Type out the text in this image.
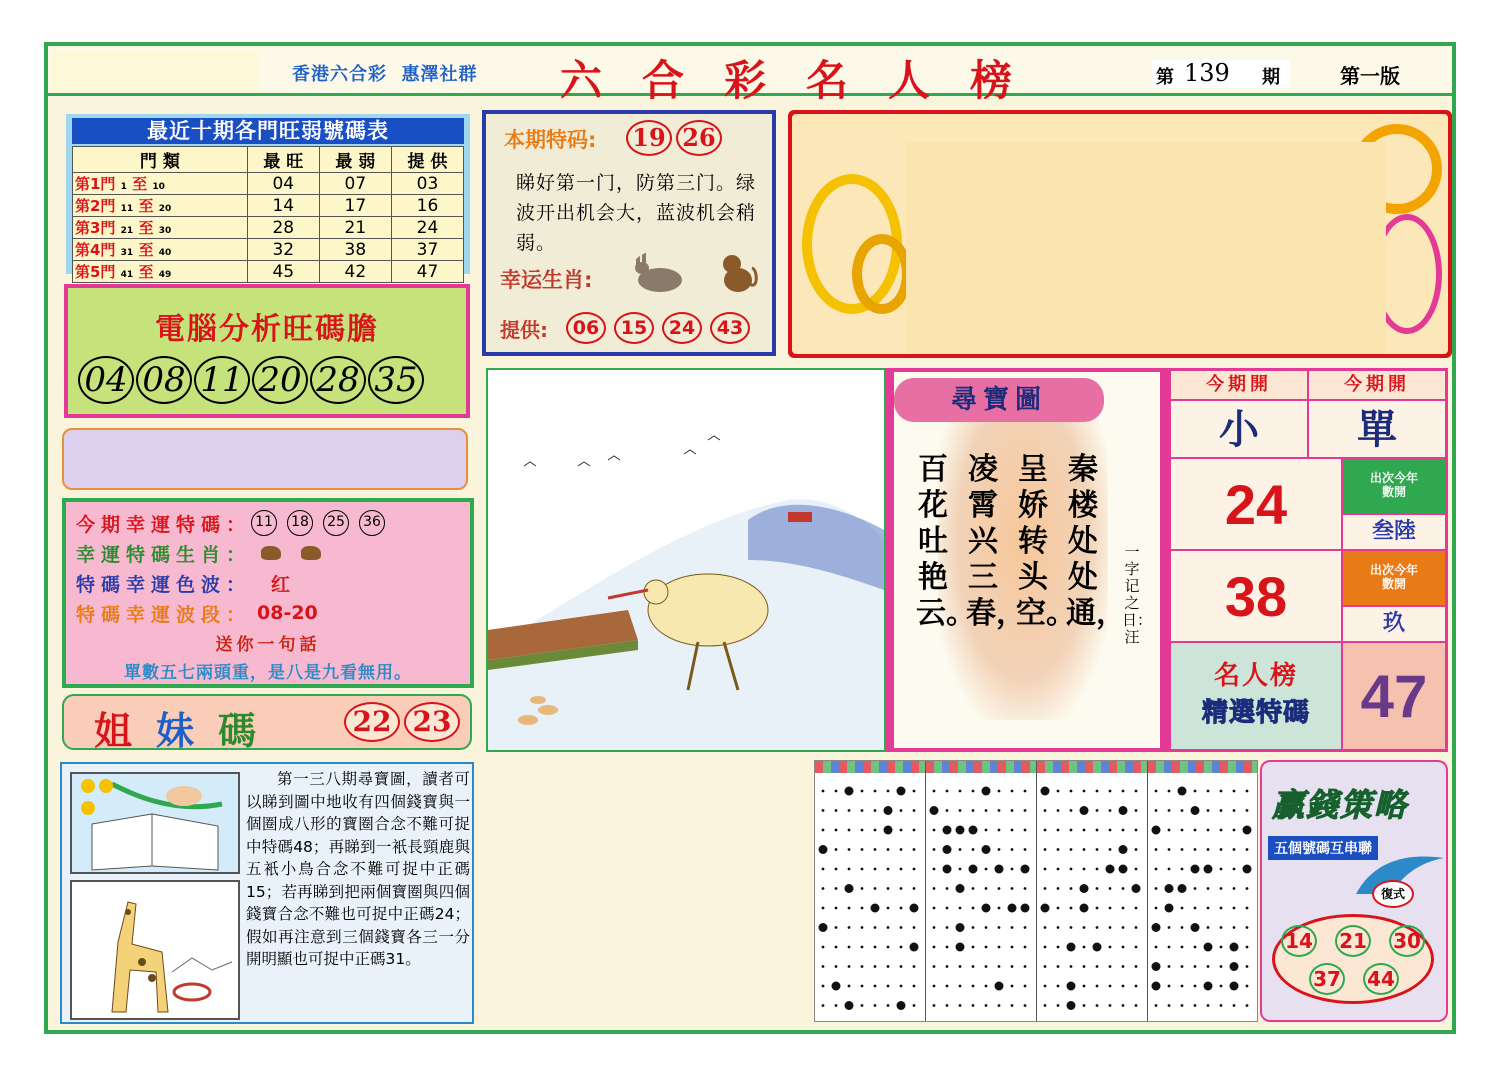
香港六合彩 惠澤社群 六合彩名人榜	第 139 期	第一版
最近十期各門旺弱號碼表
門 類	最 旺	最 弱	提 供
第1門 1 至 10	04	07	03
第2門 11 至 20	14	17	16
第3門 21 至 30	28	21	24
第4門 31 至 40	32	38	37
第5門 41 至 49	45	42	47
電腦分析旺碼膽
04 08 11 20 28 35
今期幸運特碼： 11 18 25 36
幸運特碼生肖：
特碼幸運色波： 红
特碼幸運波段： 08-20
送你一句話
單數五七兩頭重，是八是九看無用。
姐妹碼	22 23
第一三八期尋寶圖，讀者可以睇到圖中地收有四個錢寶與一個圈成八形的寶圈合念不難可捉中特碼48；再睇到一衹長頸鹿與五衹小鳥合念不難可捉中正碼15；若再睇到把兩個寶圈與四個錢寶合念不難也可捉中正碼24；假如再注意到三個錢寶各三一分開明顯也可捉中正碼31。
本期特码: 19 26
睇好第一门，防第三门。绿波开出机会大，蓝波机会稍弱。
幸运生肖:
提供:	06	15	24	43
尋寶圖
秦楼处处通，
呈娇转头空。
凌霄兴三春，
百花吐艳云。
一字记之日：汪
今期開	今期開
小	單
24	出次今年數開
叁陸
38	出次今年數開
玖
名人榜
精選特碼 47
贏錢策略
五個號碼互串聯
復式
14 21 30
37 44
